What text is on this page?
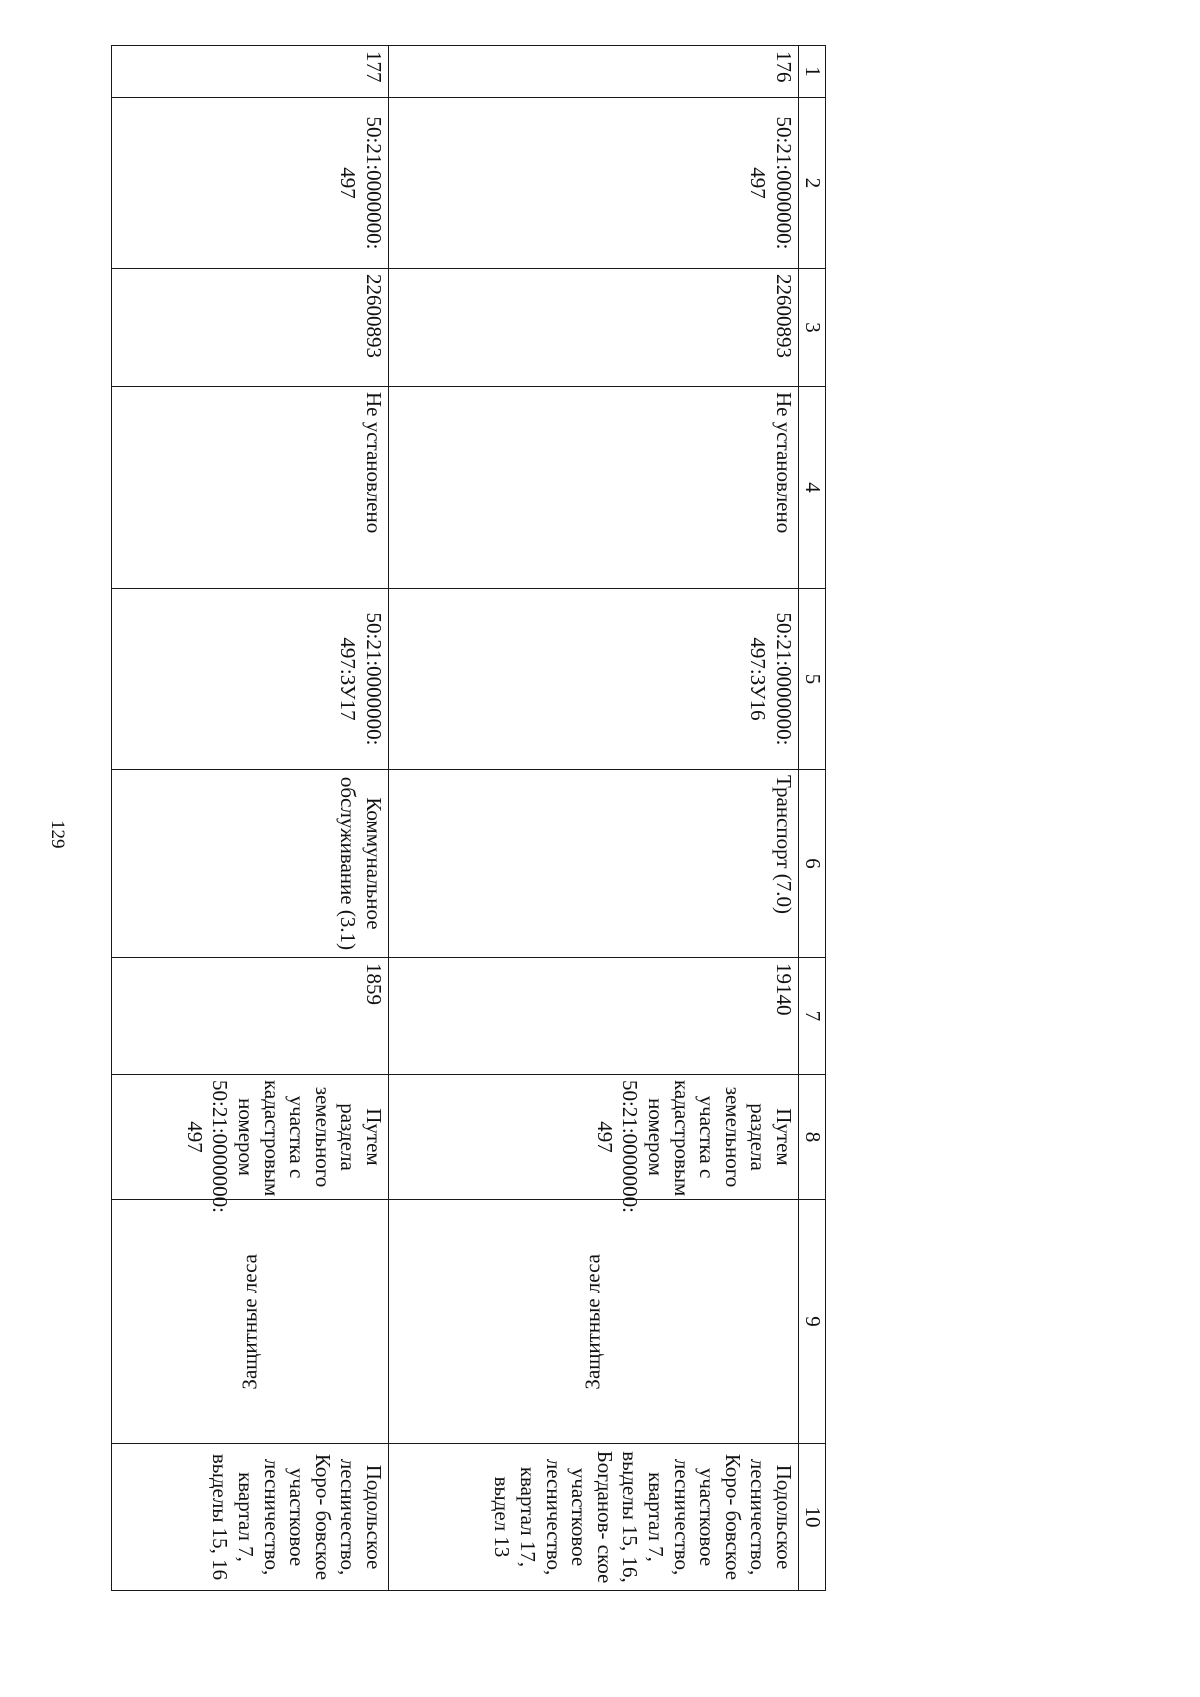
129
1	2	3	4	5	6	7	8	9	10
176	50:21:0000000: 497	22600893	Не установлено	50:21:0000000: 497:ЗУ16	Транспорт (7.0)	19140	Путем раздела земельного участка с кадастровым номером 50:21:0000000: 497	Защитные леса	Подольское лесничество, Коро- бовское участковое лесничество, квартал 7, выделы 15, 16, Богданов- ское участковое лесничество, квартал 17, выдел 13
177	50:21:0000000: 497	22600893	Не установлено	50:21:0000000: 497:ЗУ17	Коммунальное обслуживание (3.1)	1859	Путем раздела земельного участка с кадастровым номером 50:21:0000000: 497	Защитные леса	Подольское лесничество, Коро- бовское участковое лесничество, квартал 7, выделы 15, 16
